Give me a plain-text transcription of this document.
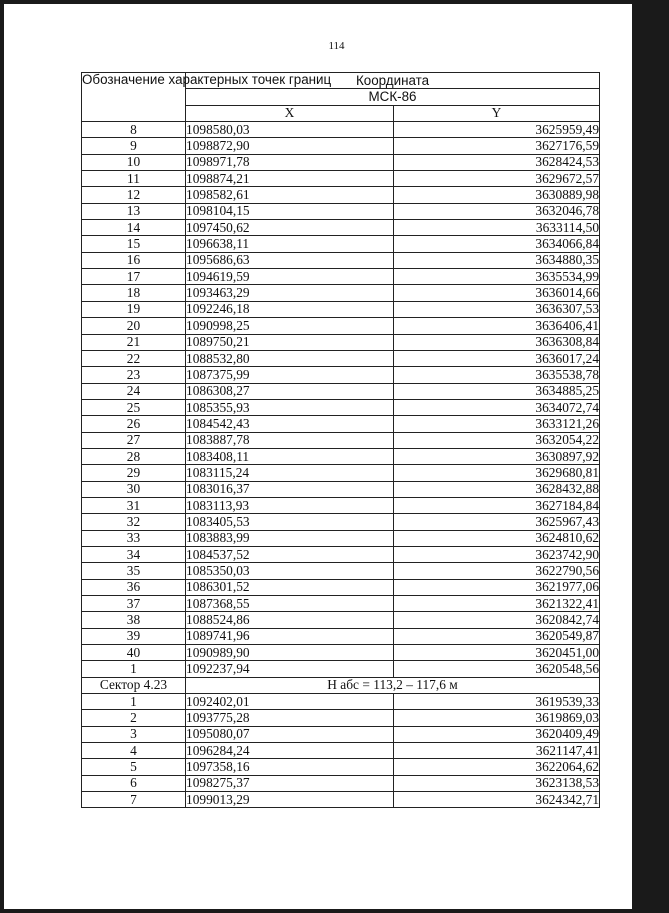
114
Обозначение характерных точек границ	Координата	
	МСК-86	
	X	Y
8	1098580,03	3625959,49
9	1098872,90	3627176,59
10	1098971,78	3628424,53
11	1098874,21	3629672,57
12	1098582,61	3630889,98
13	1098104,15	3632046,78
14	1097450,62	3633114,50
15	1096638,11	3634066,84
16	1095686,63	3634880,35
17	1094619,59	3635534,99
18	1093463,29	3636014,66
19	1092246,18	3636307,53
20	1090998,25	3636406,41
21	1089750,21	3636308,84
22	1088532,80	3636017,24
23	1087375,99	3635538,78
24	1086308,27	3634885,25
25	1085355,93	3634072,74
26	1084542,43	3633121,26
27	1083887,78	3632054,22
28	1083408,11	3630897,92
29	1083115,24	3629680,81
30	1083016,37	3628432,88
31	1083113,93	3627184,84
32	1083405,53	3625967,43
33	1083883,99	3624810,62
34	1084537,52	3623742,90
35	1085350,03	3622790,56
36	1086301,52	3621977,06
37	1087368,55	3621322,41
38	1088524,86	3620842,74
39	1089741,96	3620549,87
40	1090989,90	3620451,00
1	1092237,94	3620548,56
Сектор 4.23	H абс = 113,2 – 117,6 м	
1	1092402,01	3619539,33
2	1093775,28	3619869,03
3	1095080,07	3620409,49
4	1096284,24	3621147,41
5	1097358,16	3622064,62
6	1098275,37	3623138,53
7	1099013,29	3624342,71
